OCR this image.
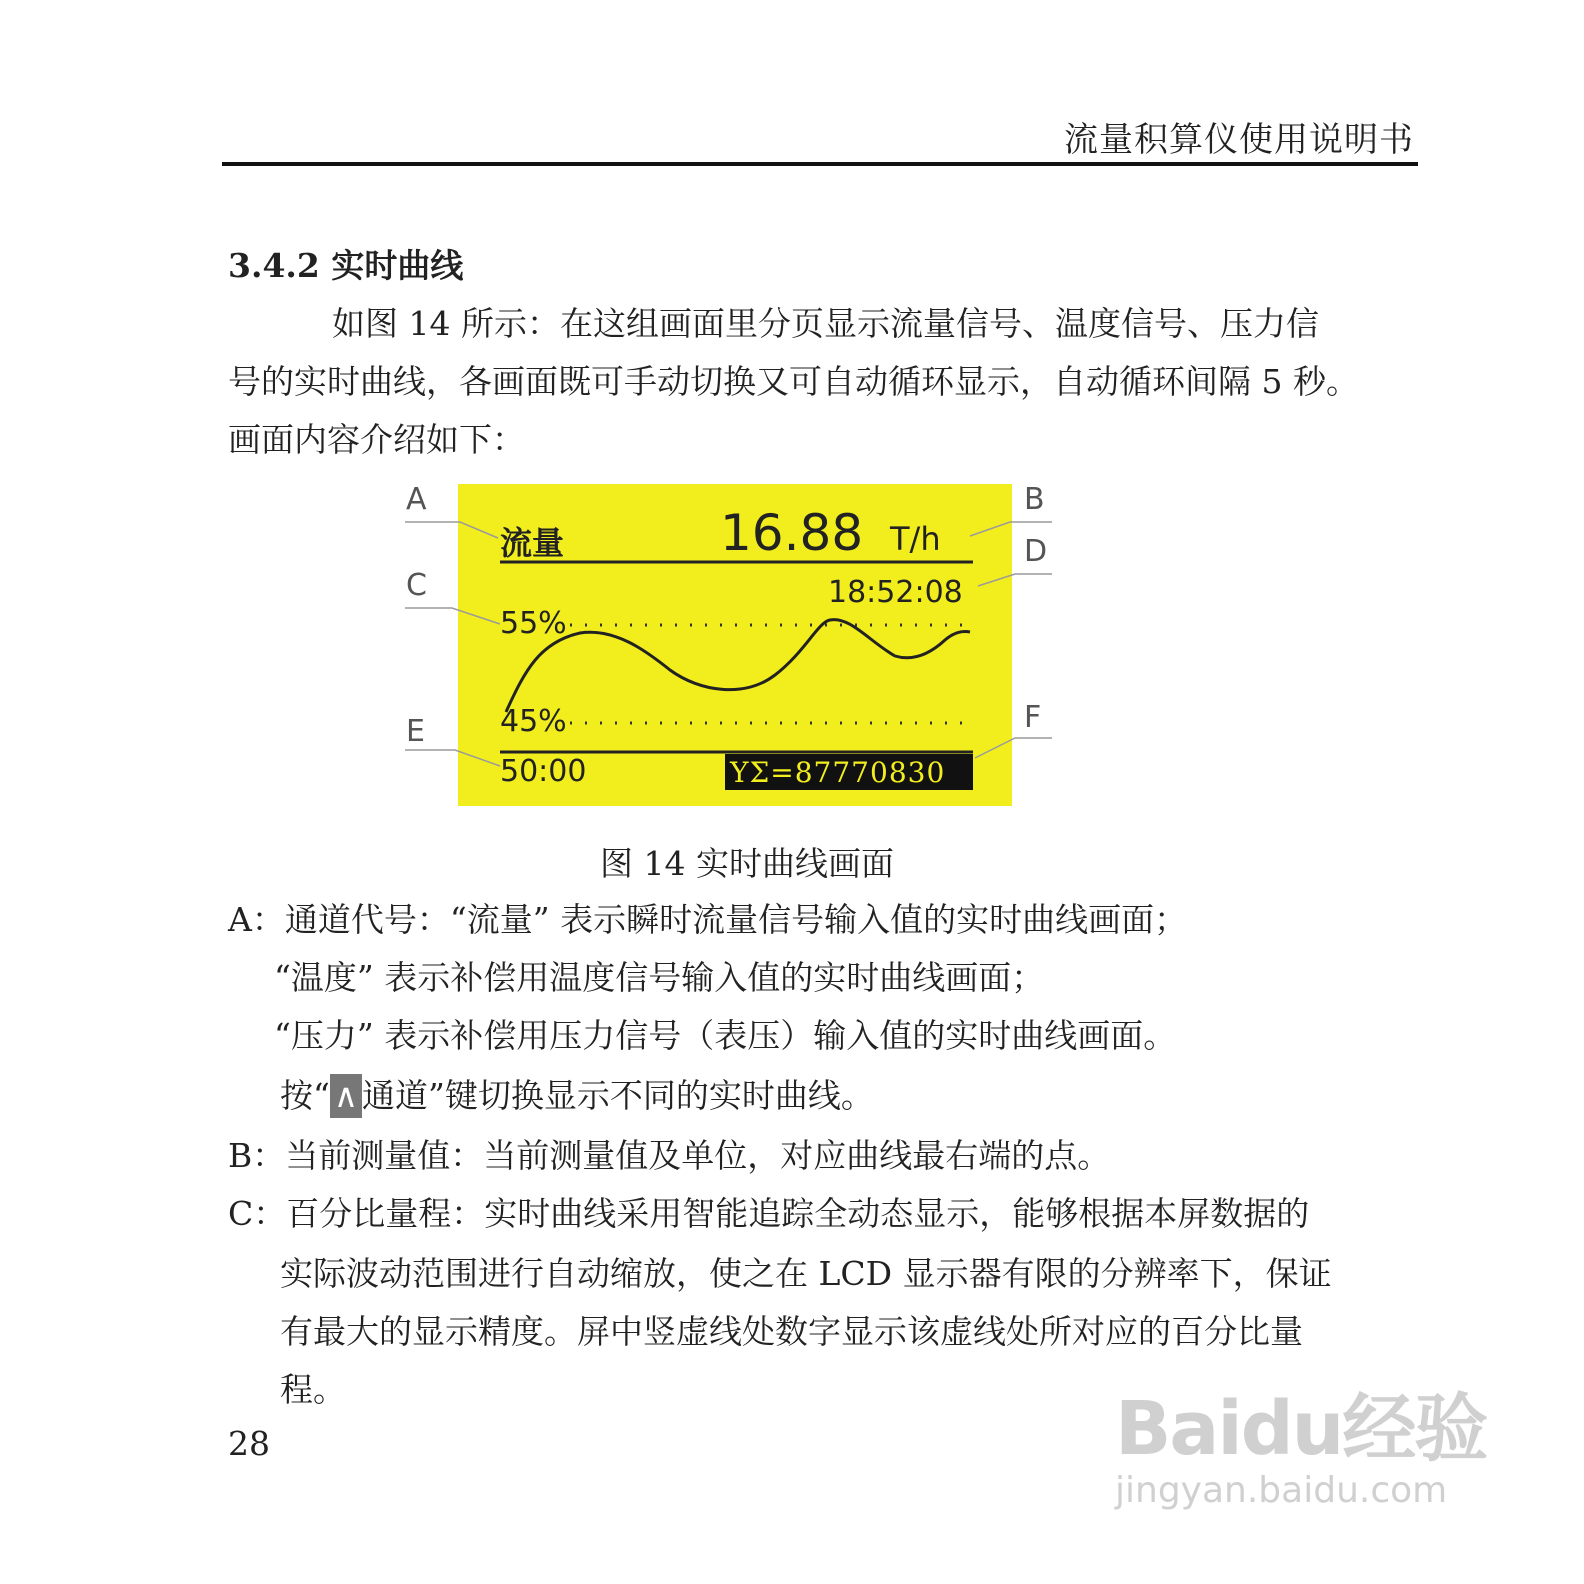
流量积算仪使用说明书
3.4.2 实时曲线
如图 14 所示：在这组画面里分页显示流量信号、温度信号、压力信
号的实时曲线，各画面既可手动切换又可自动循环显示，自动循环间隔 5 秒。
画面内容介绍如下：
A	B
C
D
E	F
流量	16.88 T/h
18:52:08
55%
45%
50:00	YΣ=87770830
图 14 实时曲线画面
A：通道代号：“流量” 表示瞬时流量信号输入值的实时曲线画面；
“温度” 表示补偿用温度信号输入值的实时曲线画面；
“压力” 表示补偿用压力信号（表压）输入值的实时曲线画面。
按“ ∧ 通道”键切换显示不同的实时曲线。
B：当前测量值：当前测量值及单位，对应曲线最右端的点。
C：百分比量程：实时曲线采用智能追踪全动态显示，能够根据本屏数据的
实际波动范围进行自动缩放，使之在 LCD 显示器有限的分辨率下，保证
有最大的显示精度。屏中竖虚线处数字显示该虚线处所对应的百分比量
程。
28	Baidu经验
jingyan.baidu.com
